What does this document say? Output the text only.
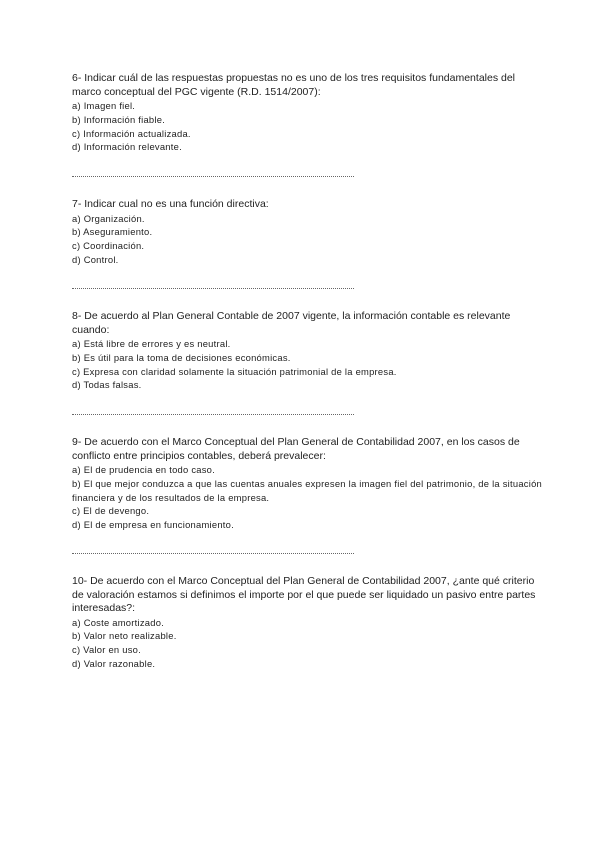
6- Indicar cuál de las respuestas propuestas no es uno de los tres requisitos fundamentales del marco conceptual del PGC vigente (R.D. 1514/2007):

a) Imagen fiel.
b) Información fiable.
c) Información actualizada.
d) Información relevante.

7- Indicar cual no es una función directiva:

a) Organización.
b) Aseguramiento.
c) Coordinación.
d) Control.

8- De acuerdo al Plan General Contable de 2007 vigente, la información contable es relevante cuando:

a) Está libre de errores y es neutral.
b) Es útil para la toma de decisiones económicas.
c) Expresa con claridad solamente la situación patrimonial de la empresa.
d) Todas falsas.

9- De acuerdo con el Marco Conceptual del Plan General de Contabilidad 2007, en los casos de conflicto entre principios contables, deberá prevalecer:

a) El de prudencia en todo caso.
b) El que mejor conduzca a que las cuentas anuales expresen la imagen fiel del patrimonio, de la situación financiera y de los resultados de la empresa.
c) El de devengo.
d) El de empresa en funcionamiento.

10- De acuerdo con el Marco Conceptual del Plan General de Contabilidad 2007, ¿ante qué criterio de valoración estamos si definimos el importe por el que puede ser liquidado un pasivo entre partes interesadas?:

a) Coste amortizado.
b) Valor neto realizable.
c) Valor en uso.
d) Valor razonable.
